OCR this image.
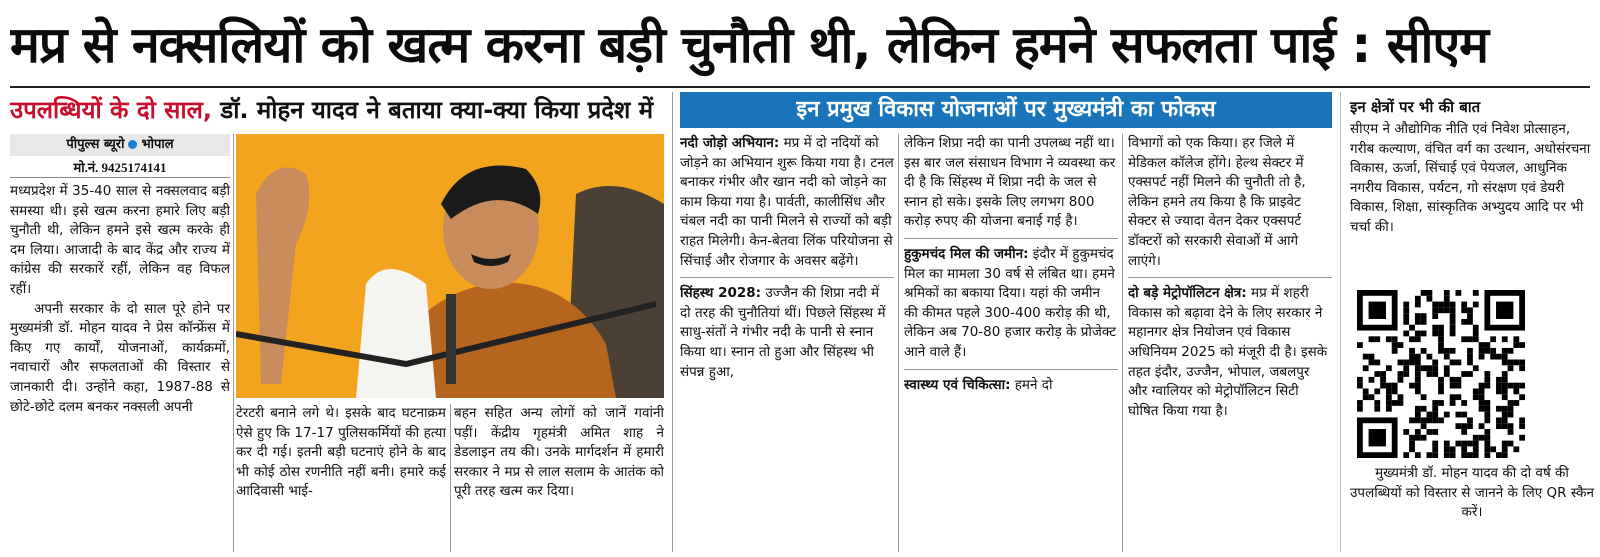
मप्र से नक्सलियों को खत्म करना बड़ी चुनौती थी, लेकिन हमने सफलता पाई : सीएम
उपलब्धियों के दो साल, डॉ. मोहन यादव ने बताया क्या-क्या किया प्रदेश में
पीपुल्स ब्यूरो भोपाल
मो.नं. 9425174141

मध्यप्रदेश में 35-40 साल से नक्सलवाद बड़ी समस्या थी। इसे खत्म करना हमारे लिए बड़ी चुनौती थी, लेकिन हमने इसे खत्म करके ही दम लिया। आजादी के बाद केंद्र और राज्य में कांग्रेस की सरकारें रहीं, लेकिन वह विफल रहीं।

अपनी सरकार के दो साल पूरे होने पर मुख्यमंत्री डॉ. मोहन यादव ने प्रेस कॉन्फ्रेंस में किए गए कार्यों, योजनाओं, कार्यक्रमों, नवाचारों और सफलताओं की विस्तार से जानकारी दी। उन्होंने कहा, 1987-88 से छोटे-छोटे दलम बनकर नक्सली अपनी	टेरटरी बनाने लगे थे। इसके बाद घटनाक्रम ऐसे हुए कि 17-17 पुलिसकर्मियों की हत्या कर दी गई। इतनी बड़ी घटनाएं होने के बाद भी कोई ठोस रणनीति नहीं बनी। हमारे कई आदिवासी भाई-
बहन सहित अन्य लोगों को जानें गवांनी पड़ीं। केंद्रीय गृहमंत्री अमित शाह ने डेडलाइन तय की। उनके मार्गदर्शन में हमारी सरकार ने मप्र से लाल सलाम के आतंक को पूरी तरह खत्म कर दिया।
इन प्रमुख विकास योजनाओं पर मुख्यमंत्री का फोकस

नदी जोड़ो अभियान: मप्र में दो नदियों को जोड़ने का अभियान शुरू किया गया है। टनल बनाकर गंभीर और खान नदी को जोड़ने का काम किया गया है। पार्वती, कालीसिंध और चंबल नदी का पानी मिलने से राज्यों को बड़ी राहत मिलेगी। केन-बेतवा लिंक परियोजना से सिंचाई और रोजगार के अवसर बढ़ेंगे।

सिंहस्थ 2028: उज्जैन की शिप्रा नदी में दो तरह की चुनौतियां थीं। पिछले सिंहस्थ में साधु-संतों ने गंभीर नदी के पानी से स्नान किया था। स्नान तो हुआ और सिंहस्थ भी संपन्न हुआ,

लेकिन शिप्रा नदी का पानी उपलब्ध नहीं था। इस बार जल संसाधन विभाग ने व्यवस्था कर दी है कि सिंहस्थ में शिप्रा नदी के जल से स्नान हो सके। इसके लिए लगभग 800 करोड़ रुपए की योजना बनाई गई है।

हुकुमचंद मिल की जमीन: इंदौर में हुकुमचंद मिल का मामला 30 वर्ष से लंबित था। हमने श्रमिकों का बकाया दिया। यहां की जमीन की कीमत पहले 300-400 करोड़ की थी, लेकिन अब 70-80 हजार करोड़ के प्रोजेक्ट आने वाले हैं।

स्वास्थ्य एवं चिकित्सा: हमने दो

विभागों को एक किया। हर जिले में मेडिकल कॉलेज होंगे। हेल्थ सेक्टर में एक्सपर्ट नहीं मिलने की चुनौती तो है, लेकिन हमने तय किया है कि प्राइवेट सेक्टर से ज्यादा वेतन देकर एक्सपर्ट डॉक्टरों को सरकारी सेवाओं में आगे लाएंगे।

दो बड़े मेट्रोपॉलिटन क्षेत्र: मप्र में शहरी विकास को बढ़ावा देने के लिए सरकार ने महानगर क्षेत्र नियोजन एवं विकास अधिनियम 2025 को मंजूरी दी है। इसके तहत इंदौर, उज्जैन, भोपाल, जबलपुर और ग्वालियर को मेट्रोपॉलिटन सिटी घोषित किया गया है।

इन क्षेत्रों पर भी की बात
सीएम ने औद्योगिक नीति एवं निवेश प्रोत्साहन, गरीब कल्याण, वंचित वर्ग का उत्थान, अधोसंरचना विकास, ऊर्जा, सिंचाई एवं पेयजल, आधुनिक नगरीय विकास, पर्यटन, गो संरक्षण एवं डेयरी विकास, शिक्षा, सांस्कृतिक अभ्युदय आदि पर भी चर्चा की।
मुख्यमंत्री डॉ. मोहन यादव की दो वर्ष की उपलब्धियों को विस्तार से जानने के लिए QR स्कैन करें।
